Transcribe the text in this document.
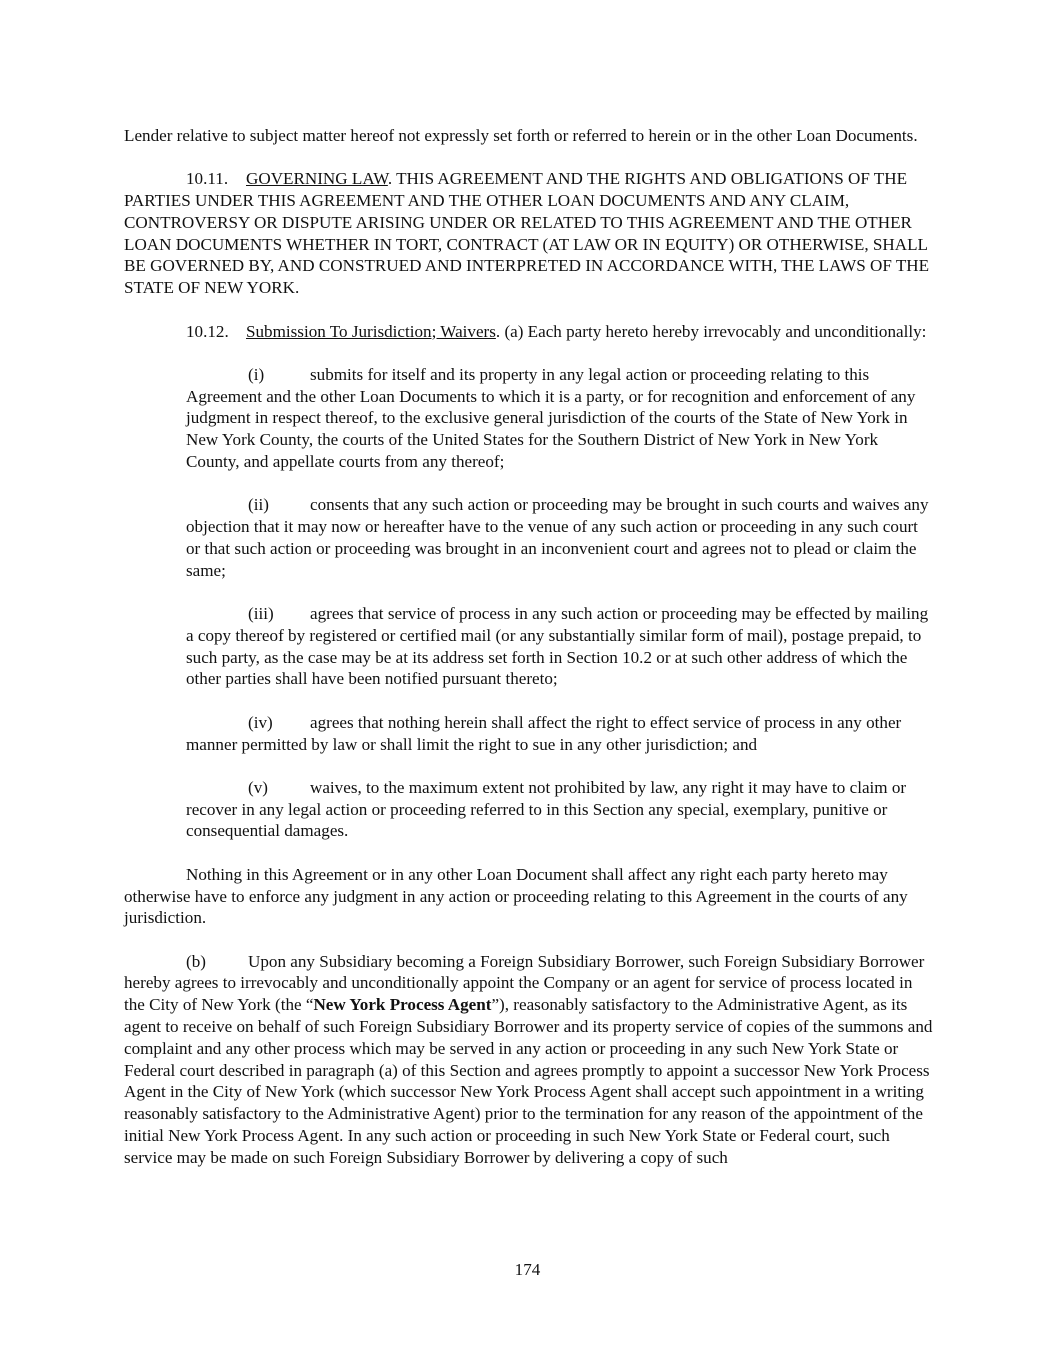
Lender relative to subject matter hereof not expressly set forth or referred to herein or in the other Loan Documents.

10.11. GOVERNING LAW. THIS AGREEMENT AND THE RIGHTS AND OBLIGATIONS OF THE PARTIES UNDER THIS AGREEMENT AND THE OTHER LOAN DOCUMENTS AND ANY CLAIM, CONTROVERSY OR DISPUTE ARISING UNDER OR RELATED TO THIS AGREEMENT AND THE OTHER LOAN DOCUMENTS WHETHER IN TORT, CONTRACT (AT LAW OR IN EQUITY) OR OTHERWISE, SHALL BE GOVERNED BY, AND CONSTRUED AND INTERPRETED IN ACCORDANCE WITH, THE LAWS OF THE STATE OF NEW YORK.

10.12. Submission To Jurisdiction; Waivers. (a) Each party hereto hereby irrevocably and unconditionally:

(i)	submits for itself and its property in any legal action or proceeding relating to this Agreement and the other Loan Documents to which it is a party, or for recognition and enforcement of any judgment in respect thereof, to the exclusive general jurisdiction of the courts of the State of New York in New York County, the courts of the United States for the Southern District of New York in New York County, and appellate courts from any thereof;

(ii) consents that any such action or proceeding may be brought in such courts and waives any objection that it may now or hereafter have to the venue of any such action or proceeding in any such court or that such action or proceeding was brought in an inconvenient court and agrees not to plead or claim the same;

(iii) agrees that service of process in any such action or proceeding may be effected by mailing a copy thereof by registered or certified mail (or any substantially similar form of mail), postage prepaid, to such party, as the case may be at its address set forth in Section 10.2 or at such other address of which the other parties shall have been notified pursuant thereto;

(iv) agrees that nothing herein shall affect the right to effect service of process in any other manner permitted by law or shall limit the right to sue in any other jurisdiction; and

(v) waives, to the maximum extent not prohibited by law, any right it may have to claim or recover in any legal action or proceeding referred to in this Section any special, exemplary, punitive or consequential damages.

Nothing in this Agreement or in any other Loan Document shall affect any right each party hereto may otherwise have to enforce any judgment in any action or proceeding relating to this Agreement in the courts of any jurisdiction.

(b) Upon any Subsidiary becoming a Foreign Subsidiary Borrower, such Foreign Subsidiary Borrower hereby agrees to irrevocably and unconditionally appoint the Company or an agent for service of process located in the City of New York (the “New York Process Agent”), reasonably satisfactory to the Administrative Agent, as its agent to receive on behalf of such Foreign Subsidiary Borrower and its property service of copies of the summons and complaint and any other process which may be served in any action or proceeding in any such New York State or Federal court described in paragraph (a) of this Section and agrees promptly to appoint a successor New York Process Agent in the City of New York (which successor New York Process Agent shall accept such appointment in a writing reasonably satisfactory to the Administrative Agent) prior to the termination for any reason of the appointment of the initial New York Process Agent. In any such action or proceeding in such New York State or Federal court, such service may be made on such Foreign Subsidiary Borrower by delivering a copy of such

174
